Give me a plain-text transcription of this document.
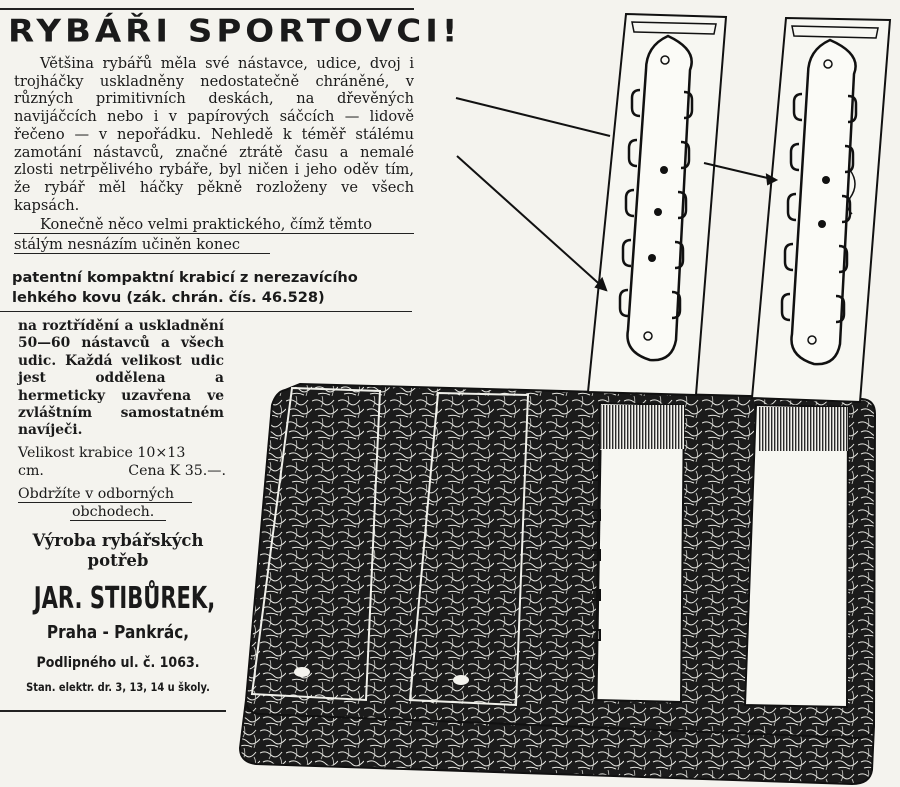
RYBÁŘI SPORTOVCI!

Většina rybářů měla své nástavce, udice, dvoj i trojháčky uskladněny nedostatečně chráněné, v různých primitivních deskách, na dřevěných navijáčcích nebo i v papírových sáčcích — lidově řečeno — v nepořádku. Nehledě k téměř stálému zamotání nástavců, značné ztrátě času a nemalé zlosti netrpělivého rybáře, byl ničen i jeho oděv tím, že rybář měl háčky pěkně rozloženy ve všech kapsách.

Konečně něco velmi praktického, čímž těmto

stálým nesnázím učiněn konec

patentní kompaktní krabicí z nerezavícího
lehkého kovu (zák. chrán. čís. 46.528)

na roztřídění a uskladnění 50—60 nástavců a všech udic. Každá velikost udic jest oddělena a hermeticky uzavřena ve zvláštním samostatném navíječi.

Velikost krabice 10×13
cm.	Cena K 35.—.

Obdržíte v odborných

obchodech.

Výroba rybářských
potřeb

JAR. STIBŮREK,

Praha - Pankrác,

Podlipného ul. č. 1063.

Stan. elektr. dr. 3, 13, 14 u školy.
